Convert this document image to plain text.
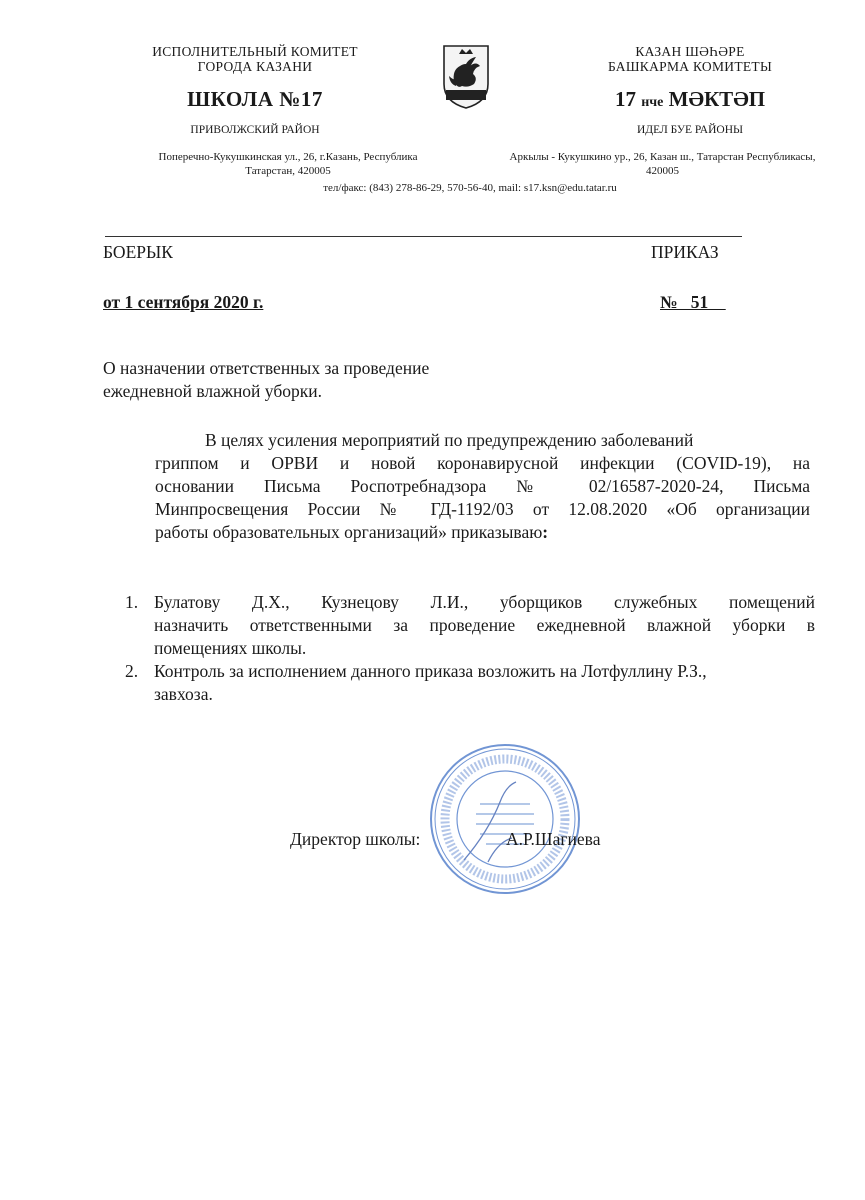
ИСПОЛНИТЕЛЬНЫЙ КОМИТЕТ
ГОРОДА КАЗАНИ
ШКОЛА №17
ПРИВОЛЖСКИЙ РАЙОН
Поперечно-Кукушкинская ул., 26, г.Казань, Республика
Татарстан, 420005
КАЗАН ШӘҺӘРЕ
БАШКАРМА КОМИТЕТЫ
17 нче МӘКТӘП
ИДЕЛ БУЕ РАЙОНЫ
Аркылы - Кукушкино ур., 26, Казан ш., Татарстан Республикасы,
420005
тел/факс: (843) 278-86-29, 570-56-40, mail: s17.ksn@edu.tatar.ru
БОЕРЫК	ПРИКАЗ
от 1 сентября 2020 г.	№   51
О назначении ответственных за проведение
ежедневной влажной уборки.
В целях усиления мероприятий по предупреждению заболеваний
гриппом и ОРВИ и новой коронавирусной инфекции (COVID-19), на
основании Письма Роспотребнадзора № 02/16587-2020-24, Письма
Минпросвещения России № ГД-1192/03 от 12.08.2020 «Об организации
работы образовательных организаций» приказываю:
1. Булатову Д.Х., Кузнецову Л.И., уборщиков служебных помещений
назначить ответственными за проведение ежедневной влажной уборки в
помещениях школы.
2. Контроль за исполнением данного приказа возложить на Лотфуллину Р.З.,
завхоза.
Директор школы:	А.Р.Шагиева
